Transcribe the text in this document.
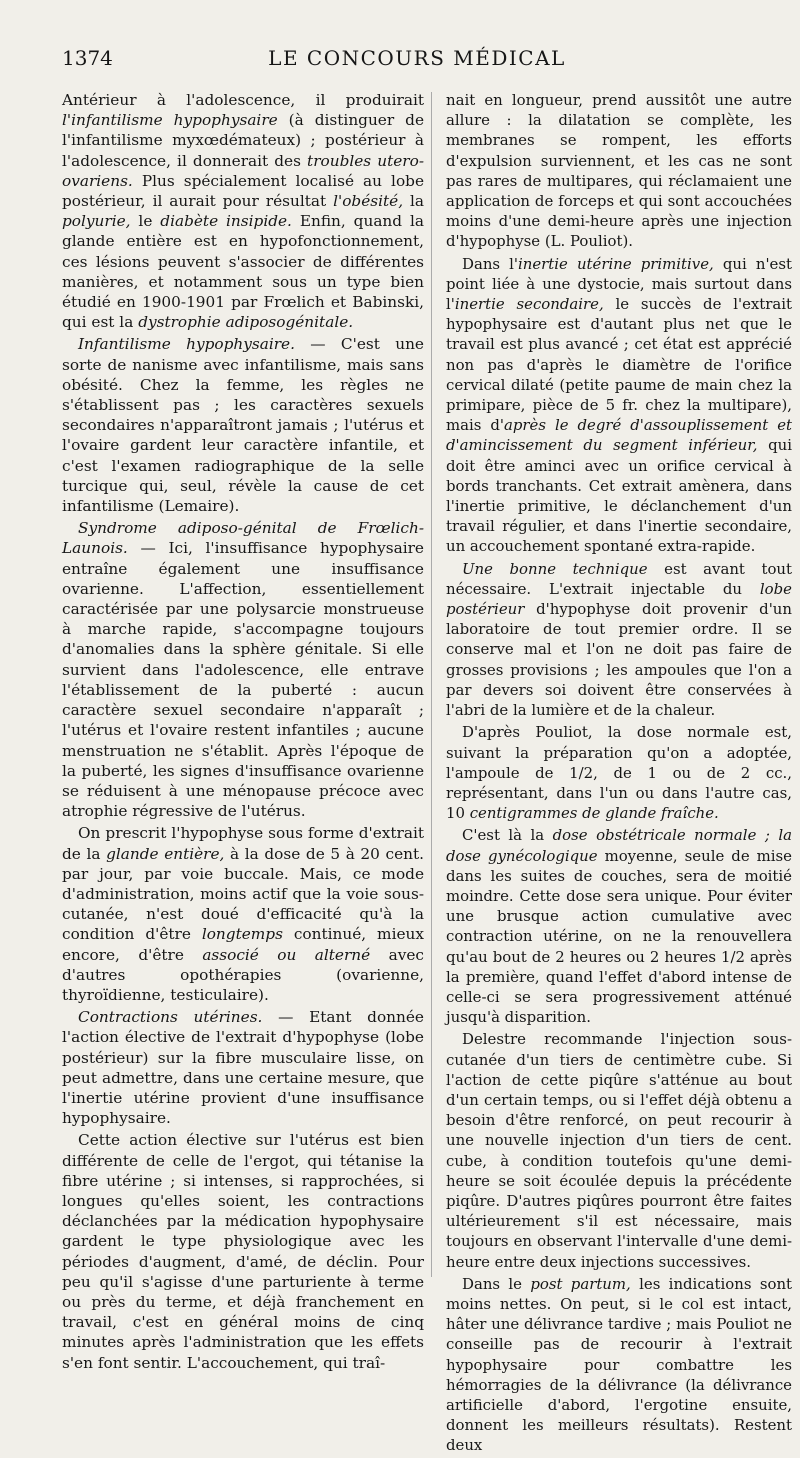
1374	LE CONCOURS MÉDICAL

Antérieur à l'adolescence, il produirait l'infantilisme hypophysaire (à distinguer de l'infantilisme myxœdémateux) ; postérieur à l'adolescence, il donnerait des troubles utero-ovariens. Plus spécialement localisé au lobe postérieur, il aurait pour résultat l'obésité, la polyurie, le diabète insipide. Enfin, quand la glande entière est en hypofonctionnement, ces lésions peuvent s'associer de différentes manières, et notamment sous un type bien étudié en 1900-1901 par Frœlich et Babinski, qui est la dystrophie adiposogénitale.

Infantilisme hypophysaire. — C'est une sorte de nanisme avec infantilisme, mais sans obésité. Chez la femme, les règles ne s'établissent pas ; les caractères sexuels secondaires n'apparaîtront jamais ; l'utérus et l'ovaire gardent leur caractère infantile, et c'est l'examen radiographique de la selle turcique qui, seul, révèle la cause de cet infantilisme (Lemaire).

Syndrome adiposo-génital de Frœlich-Launois. — Ici, l'insuffisance hypophysaire entraîne également une insuffisance ovarienne. L'affection, essentiellement caractérisée par une polysarcie monstrueuse à marche rapide, s'accompagne toujours d'anomalies dans la sphère génitale. Si elle survient dans l'adolescence, elle entrave l'établissement de la puberté : aucun caractère sexuel secondaire n'apparaît ; l'utérus et l'ovaire restent infantiles ; aucune menstruation ne s'établit. Après l'époque de la puberté, les signes d'insuffisance ovarienne se réduisent à une ménopause précoce avec atrophie régressive de l'utérus.

On prescrit l'hypophyse sous forme d'extrait de la glande entière, à la dose de 5 à 20 cent. par jour, par voie buccale. Mais, ce mode d'administration, moins actif que la voie sous-cutanée, n'est doué d'efficacité qu'à la condition d'être longtemps continué, mieux encore, d'être associé ou alterné avec d'autres opothérapies (ovarienne, thyroïdienne, testiculaire).

Contractions utérines. — Etant donnée l'action élective de l'extrait d'hypophyse (lobe postérieur) sur la fibre musculaire lisse, on peut admettre, dans une certaine mesure, que l'inertie utérine provient d'une insuffisance hypophysaire.

Cette action élective sur l'utérus est bien différente de celle de l'ergot, qui tétanise la fibre utérine ; si intenses, si rapprochées, si longues qu'elles soient, les contractions déclanchées par la médication hypophysaire gardent le type physiologique avec les périodes d'augment, d'amé, de déclin. Pour peu qu'il s'agisse d'une parturiente à terme ou près du terme, et déjà franchement en travail, c'est en général moins de cinq minutes après l'administration que les effets s'en font sentir. L'accouchement, qui traî-

nait en longueur, prend aussitôt une autre allure : la dilatation se complète, les membranes se rompent, les efforts d'expulsion surviennent, et les cas ne sont pas rares de multipares, qui réclamaient une application de forceps et qui sont accouchées moins d'une demi-heure après une injection d'hypophyse (L. Pouliot).

Dans l'inertie utérine primitive, qui n'est point liée à une dystocie, mais surtout dans l'inertie secondaire, le succès de l'extrait hypophysaire est d'autant plus net que le travail est plus avancé ; cet état est apprécié non pas d'après le diamètre de l'orifice cervical dilaté (petite paume de main chez la primipare, pièce de 5 fr. chez la multipare), mais d'après le degré d'assouplissement et d'amincissement du segment inférieur, qui doit être aminci avec un orifice cervical à bords tranchants. Cet extrait amènera, dans l'inertie primitive, le déclanchement d'un travail régulier, et dans l'inertie secondaire, un accouchement spontané extra-rapide.

Une bonne technique est avant tout nécessaire. L'extrait injectable du lobe postérieur d'hypophyse doit provenir d'un laboratoire de tout premier ordre. Il se conserve mal et l'on ne doit pas faire de grosses provisions ; les ampoules que l'on a par devers soi doivent être conservées à l'abri de la lumière et de la chaleur.

D'après Pouliot, la dose normale est, suivant la préparation qu'on a adoptée, l'ampoule de 1/2, de 1 ou de 2 cc., représentant, dans l'un ou dans l'autre cas, 10 centigrammes de glande fraîche.

C'est là la dose obstétricale normale ; la dose gynécologique moyenne, seule de mise dans les suites de couches, sera de moitié moindre. Cette dose sera unique. Pour éviter une brusque action cumulative avec contraction utérine, on ne la renouvellera qu'au bout de 2 heures ou 2 heures 1/2 après la première, quand l'effet d'abord intense de celle-ci se sera progressivement atténué jusqu'à disparition.

Delestre recommande l'injection sous-cutanée d'un tiers de centimètre cube. Si l'action de cette piqûre s'atténue au bout d'un certain temps, ou si l'effet déjà obtenu a besoin d'être renforcé, on peut recourir à une nouvelle injection d'un tiers de cent. cube, à condition toutefois qu'une demi-heure se soit écoulée depuis la précédente piqûre. D'autres piqûres pourront être faites ultérieurement s'il est nécessaire, mais toujours en observant l'intervalle d'une demi-heure entre deux injections successives.

Dans le post partum, les indications sont moins nettes. On peut, si le col est intact, hâter une délivrance tardive ; mais Pouliot ne conseille pas de recourir à l'extrait hypophysaire pour combattre les hémorragies de la délivrance (la délivrance artificielle d'abord, l'ergotine ensuite, donnent les meilleurs résultats). Restent deux
